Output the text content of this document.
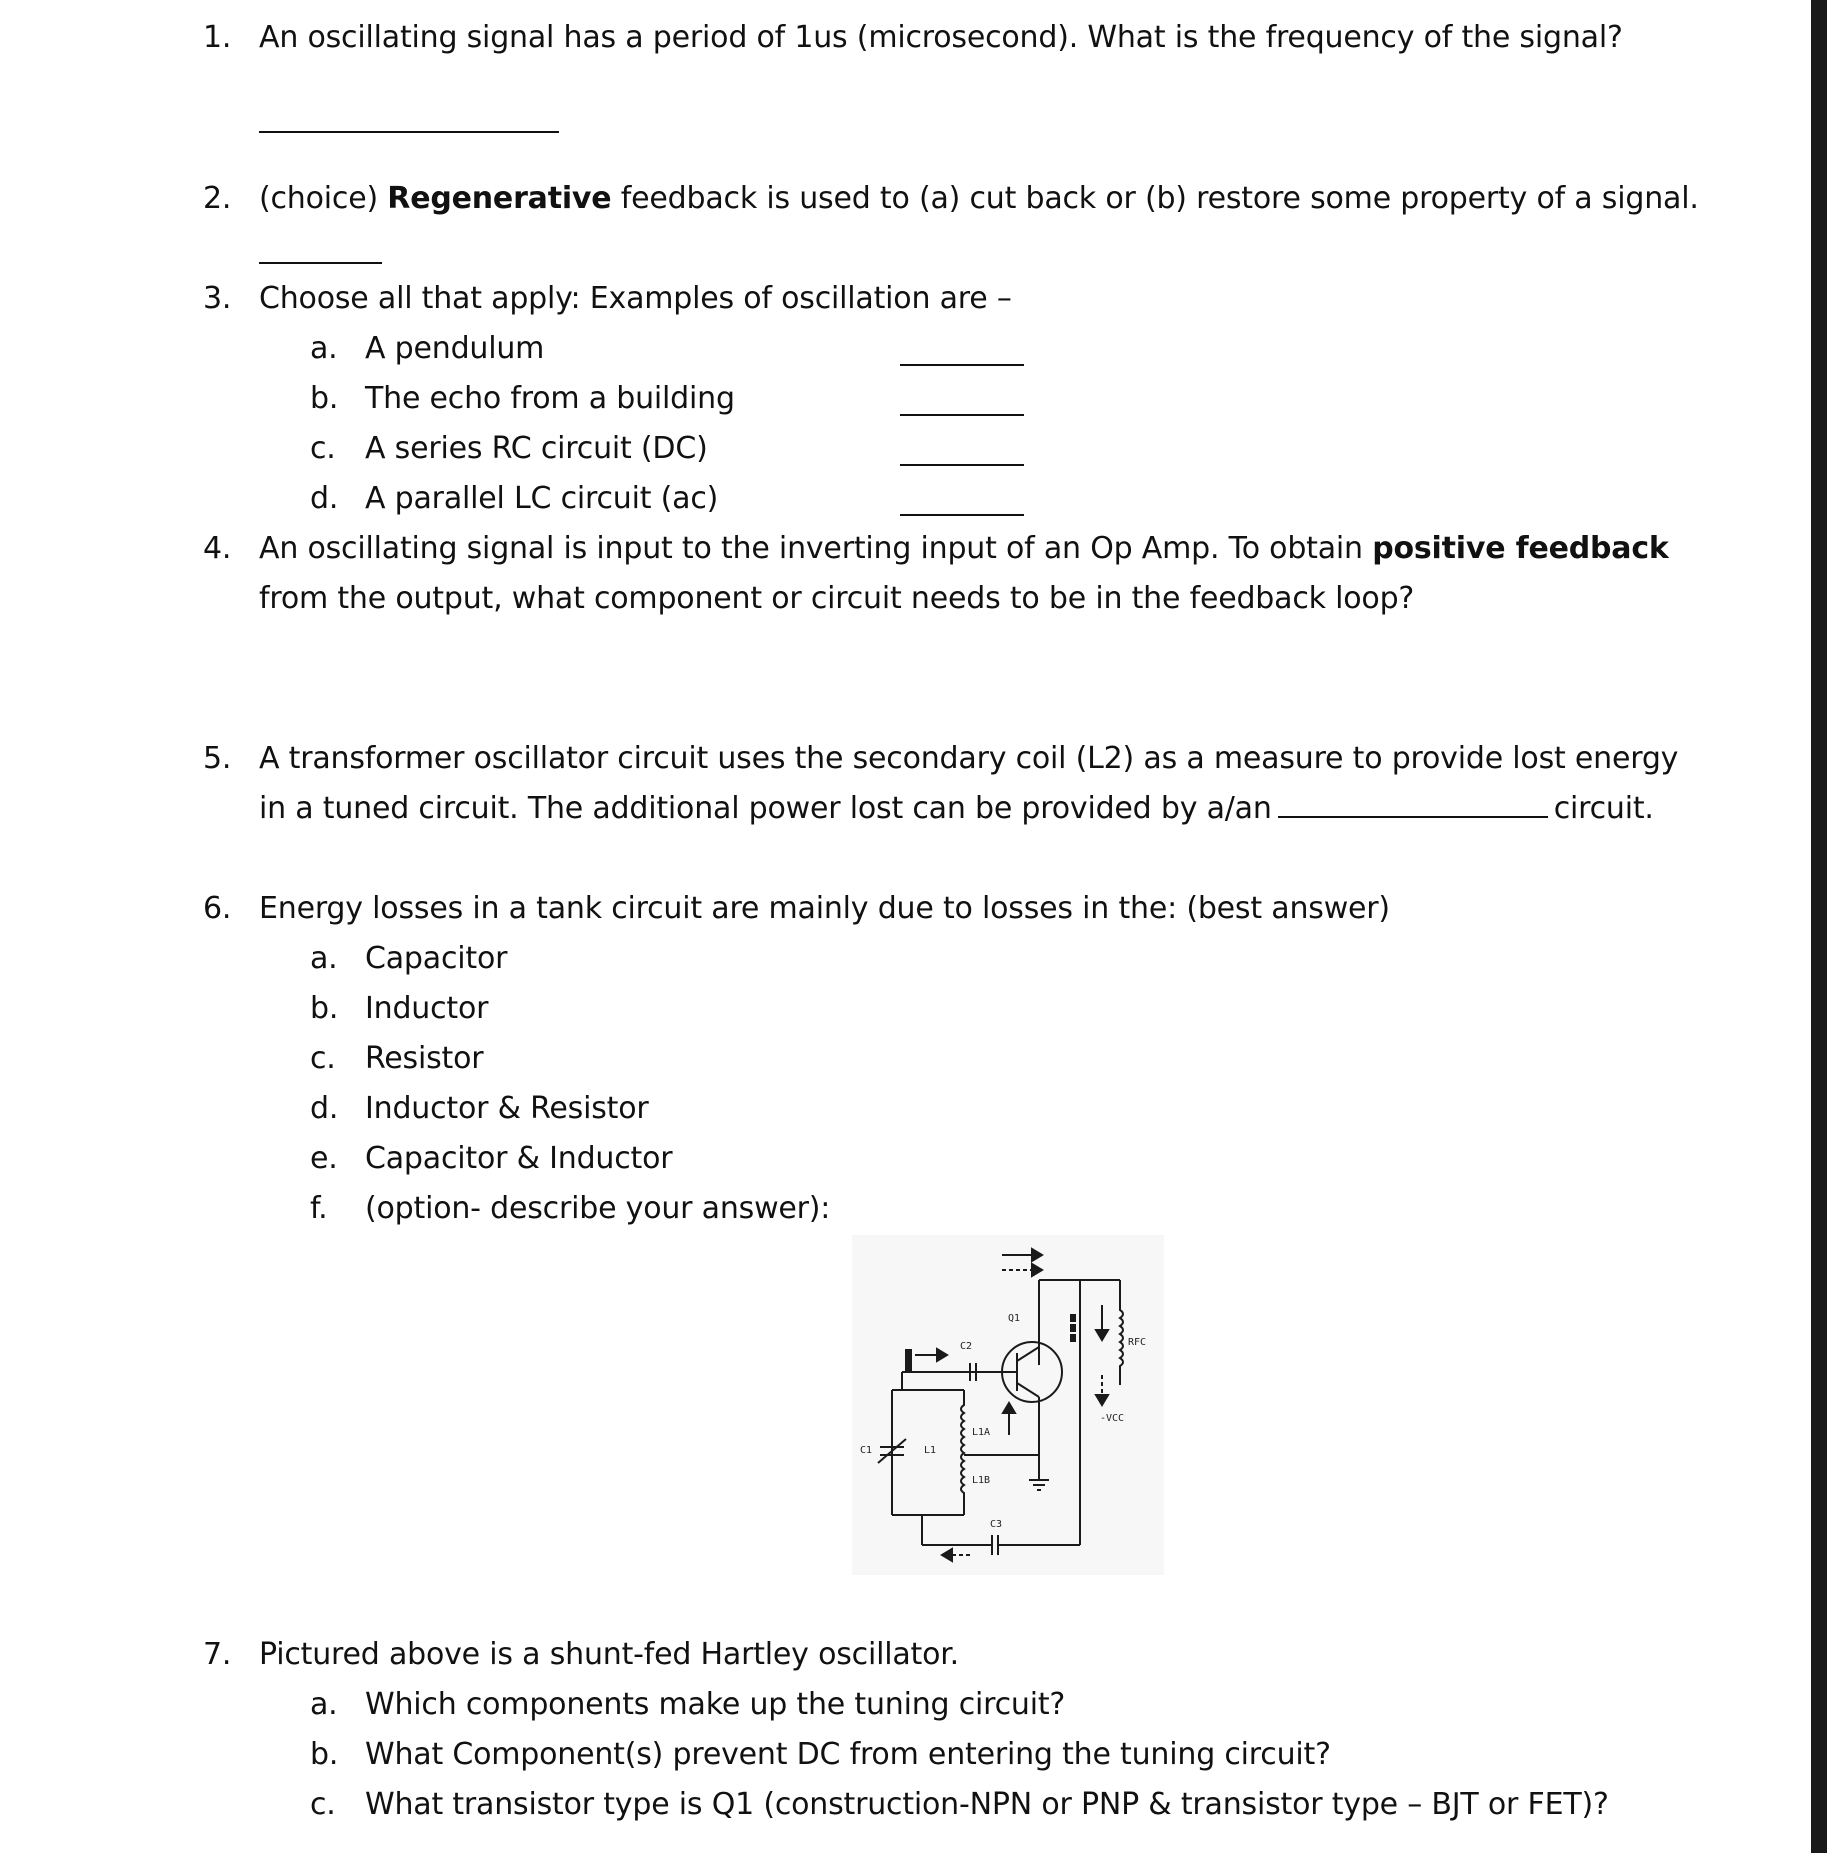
1. An oscillating signal has a period of 1us (microsecond). What is the frequency of the signal?
2. (choice) Regenerative feedback is used to (a) cut back or (b) restore some property of a signal.
3. Choose all that apply: Examples of oscillation are –
a. A pendulum
b. The echo from a building
c. A series RC circuit (DC)
d. A parallel LC circuit (ac)
4. An oscillating signal is input to the inverting input of an Op Amp. To obtain positive feedback
from the output, what component or circuit needs to be in the feedback loop?
5. A transformer oscillator circuit uses the secondary coil (L2) as a measure to provide lost energy
in a tuned circuit. The additional power lost can be provided by a/an	circuit.
6. Energy losses in a tank circuit are mainly due to losses in the: (best answer)
a. Capacitor
b. Inductor
c. Resistor
d. Inductor & Resistor
e. Capacitor & Inductor
f. (option- describe your answer):
Q1
C2
C1	L1
L1A
L1B
C3
RFC
-VCC
7. Pictured above is a shunt-fed Hartley oscillator.
a. Which components make up the tuning circuit?
b. What Component(s) prevent DC from entering the tuning circuit?
c. What transistor type is Q1 (construction-NPN or PNP & transistor type – BJT or FET)?
